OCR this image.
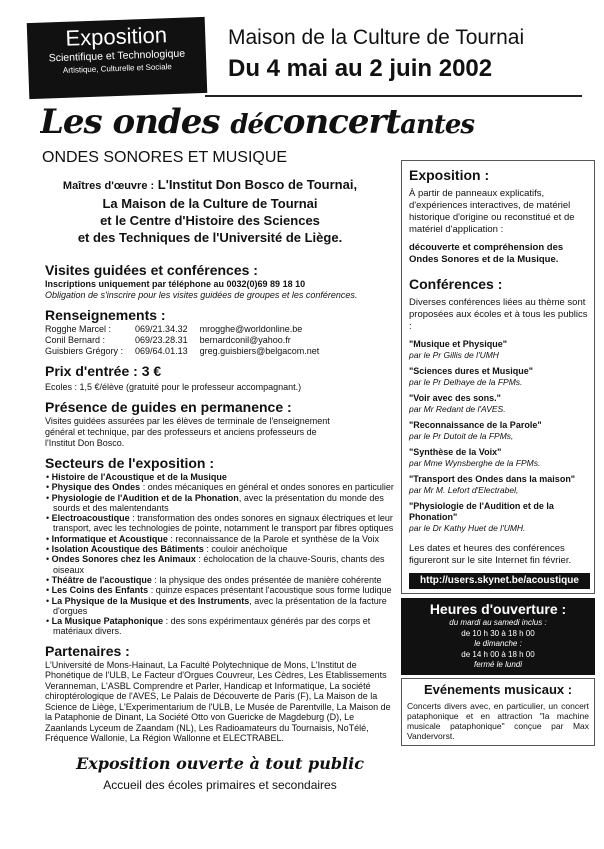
Exposition
Scientifique et Technologique
Artistique, Culturelle et Sociale
Maison de la Culture de Tournai
Du 4 mai au 2 juin 2002
Les ondes déconcertantes
ONDES SONORES ET MUSIQUE
Maîtres d'œuvre : L'Institut Don Bosco de Tournai,
La Maison de la Culture de Tournai
et le Centre d'Histoire des Sciences
et des Techniques de l'Université de Liège.
Visites guidées et conférences :
Inscriptions uniquement par téléphone au 0032(0)69 89 18 10
Obligation de s'inscrire pour les visites guidées de groupes et les conférences.
Renseignements :
Rogghe Marcel :	069/21.34.32	mrogghe@worldonline.be
Conil Bernard :	069/23.28.31	bernardconil@yahoo.fr
Guisbiers Grégory :	069/64.01.13	greg.guisbiers@belgacom.net
Prix d'entrée : 3 €
Ecoles : 1,5 €/élève (gratuité pour le professeur accompagnant.)
Présence de guides en permanence :
Visites guidées assurées par les élèves de terminale de l'enseignement général et technique, par des professeurs et anciens professeurs de l'Institut Don Bosco.
Secteurs de l'exposition :
• Histoire de l'Acoustique et de la Musique
• Physique des Ondes : ondes mécaniques en général et ondes sonores en particulier
• Physiologie de l'Audition et de la Phonation, avec la présentation du monde des sourds et des malentendants
• Electroacoustique : transformation des ondes sonores en signaux électriques et leur transport, avec les technologies de pointe, notamment le transport par fibres optiques
• Informatique et Acoustique : reconnaissance de la Parole et synthèse de la Voix
• Isolation Acoustique des Bâtiments : couloir anéchoïque
• Ondes Sonores chez les Animaux : écholocation de la chauve-Souris, chants des oiseaux
• Théâtre de l'acoustique : la physique des ondes présentée de manière cohérente
• Les Coins des Enfants : quinze espaces présentant l'acoustique sous forme ludique
• La Physique de la Musique et des Instruments, avec la présentation de la facture d'orgues
• La Musique Pataphonique : des sons expérimentaux générés par des corps et matériaux divers.
Partenaires :
L'Université de Mons-Hainaut, La Faculté Polytechnique de Mons, L'Institut de Phonétique de l'ULB, Le Facteur d'Orgues Couvreur, Les Cèdres, Les Etablissements Veranneman, L'ASBL Comprendre et Parler, Handicap et Informatique, La société chiroptérologique de l'AVES, Le Palais de Découverte de Paris (F), La Maison de la Science de Liège, L'Experimentarium de l'ULB, Le Musée de Parentville, La Maison de la Pataphonie de Dinant, La Société Otto von Guericke de Magdeburg (D), Le Zaanlands Lyceum de Zaandam (NL), Les Radioamateurs du Tournaisis, NoTélé, Fréquence Wallonie, La Région Wallonne et ELECTRABEL.
Exposition ouverte à tout public
Accueil des écoles primaires et secondaires
Exposition :
À partir de panneaux explicatifs, d'expériences interactives, de matériel historique d'origine ou reconstitué et de matériel d'application :
découverte et compréhension des Ondes Sonores et de la Musique.
Conférences :
Diverses conférences liées au thème sont proposées aux écoles et à tous les publics :
"Musique et Physique"
par le Pr Gillis de l'UMH
"Sciences dures et Musique"
par le Pr Delhaye de la FPMs.
"Voir avec des sons."
par Mr Redant de l'AVES.
"Reconnaissance de la Parole"
par le Pr Dutoit de la FPMs,
"Synthèse de la Voix"
par Mme Wynsberghe de la FPMs.
"Transport des Ondes dans la maison"
par Mr M. Lefort d'Electrabel,
"Physiologie de l'Audition et de la Phonation"
par le Dr Kathy Huet de l'UMH.
Les dates et heures des conférences figureront sur le site Internet fin février.
http://users.skynet.be/acoustique
Heures d'ouverture :
du mardi au samedi inclus :
de 10 h 30 à 18 h 00
le dimanche :
de 14 h 00 à 18 h 00
fermé le lundi
Evénements musicaux :
Concerts divers avec, en particulier, un concert pataphonique et en attraction "la machine musicale pataphonique" conçue par Max Vandervorst.
